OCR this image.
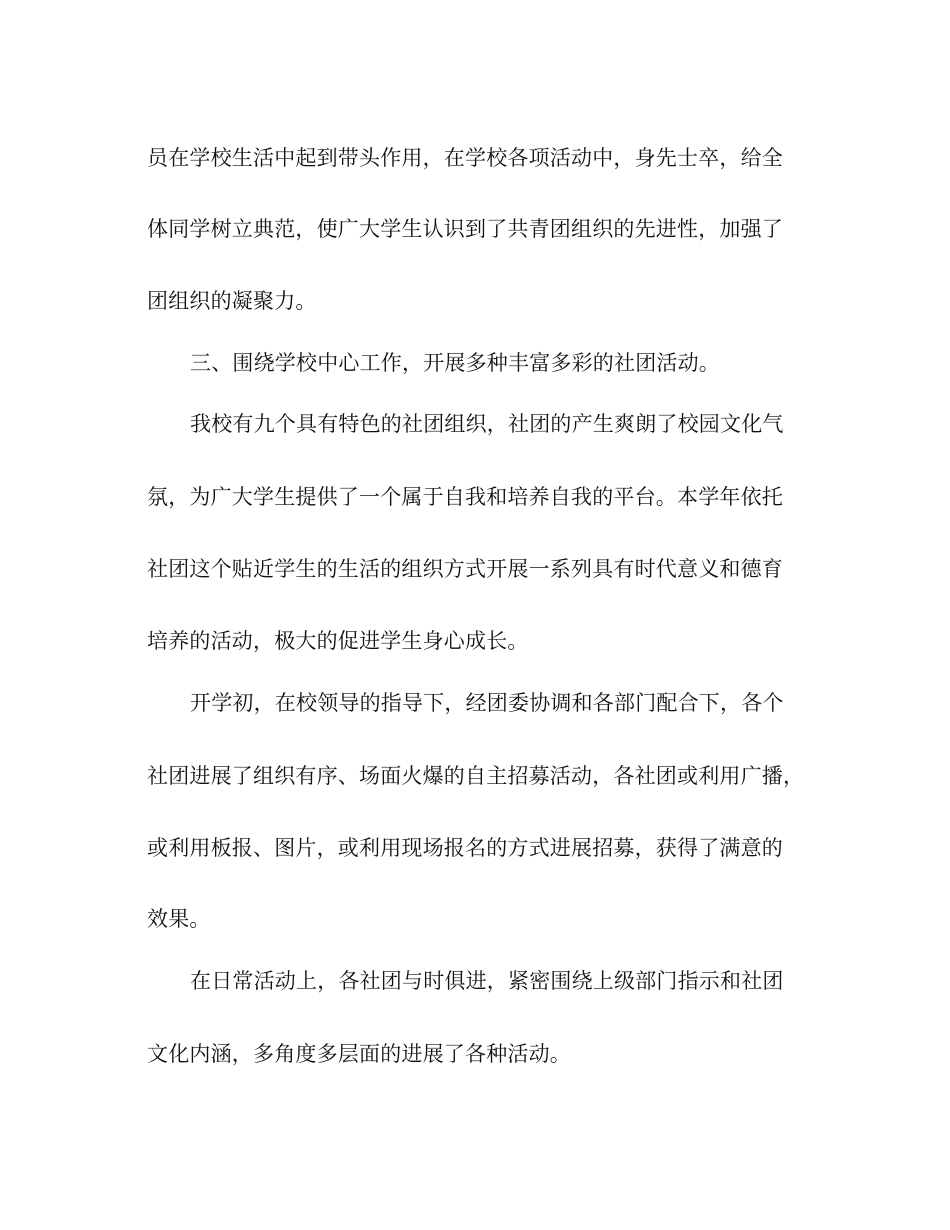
员在学校生活中起到带头作用，在学校各项活动中，身先士卒，给全
体同学树立典范，使广大学生认识到了共青团组织的先进性，加强了
团组织的凝聚力。
三、围绕学校中心工作，开展多种丰富多彩的社团活动。
我校有九个具有特色的社团组织，社团的产生爽朗了校园文化气
氛，为广大学生提供了一个属于自我和培养自我的平台。本学年依托
社团这个贴近学生的生活的组织方式开展一系列具有时代意义和德育
培养的活动，极大的促进学生身心成长。
开学初，在校领导的指导下，经团委协调和各部门配合下，各个
社团进展了组织有序、场面火爆的自主招募活动，各社团或利用广播，
或利用板报、图片，或利用现场报名的方式进展招募，获得了满意的
效果。
在日常活动上，各社团与时俱进，紧密围绕上级部门指示和社团
文化内涵，多角度多层面的进展了各种活动。
